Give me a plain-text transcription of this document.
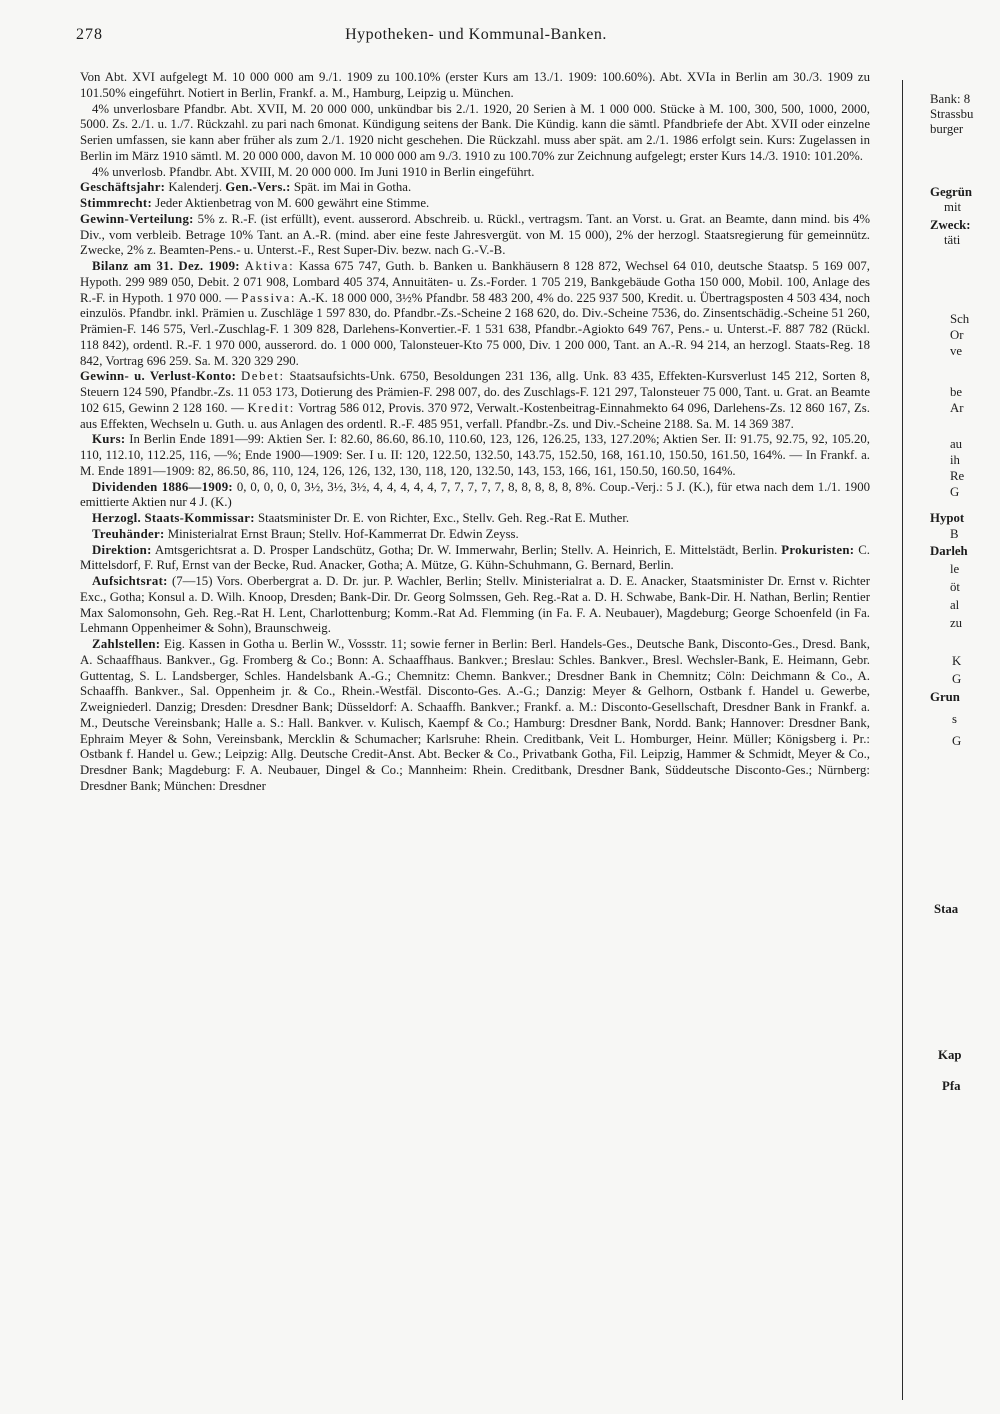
278	Hypotheken- und Kommunal-Banken.

Von Abt. XVI aufgelegt M. 10 000 000 am 9./1. 1909 zu 100.10% (erster Kurs am 13./1. 1909: 100.60%). Abt. XVIa in Berlin am 30./3. 1909 zu 101.50% eingeführt. Notiert in Berlin, Frankf. a. M., Hamburg, Leipzig u. München.

4% unverlosbare Pfandbr. Abt. XVII, M. 20 000 000, unkündbar bis 2./1. 1920, 20 Serien à M. 1 000 000. Stücke à M. 100, 300, 500, 1000, 2000, 5000. Zs. 2./1. u. 1./7. Rückzahl. zu pari nach 6monat. Kündigung seitens der Bank. Die Kündig. kann die sämtl. Pfandbriefe der Abt. XVII oder einzelne Serien umfassen, sie kann aber früher als zum 2./1. 1920 nicht geschehen. Die Rückzahl. muss aber spät. am 2./1. 1986 erfolgt sein. Kurs: Zugelassen in Berlin im März 1910 sämtl. M. 20 000 000, davon M. 10 000 000 am 9./3. 1910 zu 100.70% zur Zeichnung aufgelegt; erster Kurs 14./3. 1910: 101.20%.

4% unverlosb. Pfandbr. Abt. XVIII, M. 20 000 000. Im Juni 1910 in Berlin eingeführt.

Geschäftsjahr: Kalenderj. Gen.-Vers.: Spät. im Mai in Gotha.

Stimmrecht: Jeder Aktienbetrag von M. 600 gewährt eine Stimme.

Gewinn-Verteilung: 5% z. R.-F. (ist erfüllt), event. ausserord. Abschreib. u. Rückl., vertragsm. Tant. an Vorst. u. Grat. an Beamte, dann mind. bis 4% Div., vom verbleib. Betrage 10% Tant. an A.-R. (mind. aber eine feste Jahresvergüt. von M. 15 000), 2% der herzogl. Staatsregierung für gemeinnütz. Zwecke, 2% z. Beamten-Pens.- u. Unterst.-F., Rest Super-Div. bezw. nach G.-V.-B.

Bilanz am 31. Dez. 1909: Aktiva: Kassa 675 747, Guth. b. Banken u. Bankhäusern 8 128 872, Wechsel 64 010, deutsche Staatsp. 5 169 007, Hypoth. 299 989 050, Debit. 2 071 908, Lombard 405 374, Annuitäten- u. Zs.-Forder. 1 705 219, Bankgebäude Gotha 150 000, Mobil. 100, Anlage des R.-F. in Hypoth. 1 970 000. — Passiva: A.-K. 18 000 000, 3½% Pfandbr. 58 483 200, 4% do. 225 937 500, Kredit. u. Übertragsposten 4 503 434, noch einzulös. Pfandbr. inkl. Prämien u. Zuschläge 1 597 830, do. Pfandbr.-Zs.-Scheine 2 168 620, do. Div.-Scheine 7536, do. Zinsentschädig.-Scheine 51 260, Prämien-F. 146 575, Verl.-Zuschlag-F. 1 309 828, Darlehens-Konvertier.-F. 1 531 638, Pfandbr.-Agiokto 649 767, Pens.- u. Unterst.-F. 887 782 (Rückl. 118 842), ordentl. R.-F. 1 970 000, ausserord. do. 1 000 000, Talonsteuer-Kto 75 000, Div. 1 200 000, Tant. an A.-R. 94 214, an herzogl. Staats-Reg. 18 842, Vortrag 696 259. Sa. M. 320 329 290.

Gewinn- u. Verlust-Konto: Debet: Staatsaufsichts-Unk. 6750, Besoldungen 231 136, allg. Unk. 83 435, Effekten-Kursverlust 145 212, Sorten 8, Steuern 124 590, Pfandbr.-Zs. 11 053 173, Dotierung des Prämien-F. 298 007, do. des Zuschlags-F. 121 297, Talonsteuer 75 000, Tant. u. Grat. an Beamte 102 615, Gewinn 2 128 160. — Kredit: Vortrag 586 012, Provis. 370 972, Verwalt.-Kostenbeitrag-Einnahmekto 64 096, Darlehens-Zs. 12 860 167, Zs. aus Effekten, Wechseln u. Guth. u. aus Anlagen des ordentl. R.-F. 485 951, verfall. Pfandbr.-Zs. und Div.-Scheine 2188. Sa. M. 14 369 387.

Kurs: In Berlin Ende 1891—99: Aktien Ser. I: 82.60, 86.60, 86.10, 110.60, 123, 126, 126.25, 133, 127.20%; Aktien Ser. II: 91.75, 92.75, 92, 105.20, 110, 112.10, 112.25, 116, —%; Ende 1900—1909: Ser. I u. II: 120, 122.50, 132.50, 143.75, 152.50, 168, 161.10, 150.50, 161.50, 164%. — In Frankf. a. M. Ende 1891—1909: 82, 86.50, 86, 110, 124, 126, 126, 132, 130, 118, 120, 132.50, 143, 153, 166, 161, 150.50, 160.50, 164%.

Dividenden 1886—1909: 0, 0, 0, 0, 0, 3½, 3½, 3½, 4, 4, 4, 4, 4, 7, 7, 7, 7, 7, 8, 8, 8, 8, 8, 8%. Coup.-Verj.: 5 J. (K.), für etwa nach dem 1./1. 1900 emittierte Aktien nur 4 J. (K.)

Herzogl. Staats-Kommissar: Staatsminister Dr. E. von Richter, Exc., Stellv. Geh. Reg.-Rat E. Muther.

Treuhänder: Ministerialrat Ernst Braun; Stellv. Hof-Kammerrat Dr. Edwin Zeyss.

Direktion: Amtsgerichtsrat a. D. Prosper Landschütz, Gotha; Dr. W. Immerwahr, Berlin; Stellv. A. Heinrich, E. Mittelstädt, Berlin. Prokuristen: C. Mittelsdorf, F. Ruf, Ernst van der Becke, Rud. Anacker, Gotha; A. Mütze, G. Kühn-Schuhmann, G. Bernard, Berlin.

Aufsichtsrat: (7—15) Vors. Oberbergrat a. D. Dr. jur. P. Wachler, Berlin; Stellv. Ministerialrat a. D. E. Anacker, Staatsminister Dr. Ernst v. Richter Exc., Gotha; Konsul a. D. Wilh. Knoop, Dresden; Bank-Dir. Dr. Georg Solmssen, Geh. Reg.-Rat a. D. H. Schwabe, Bank-Dir. H. Nathan, Berlin; Rentier Max Salomonsohn, Geh. Reg.-Rat H. Lent, Charlottenburg; Komm.-Rat Ad. Flemming (in Fa. F. A. Neubauer), Magdeburg; George Schoenfeld (in Fa. Lehmann Oppenheimer & Sohn), Braunschweig.

Zahlstellen: Eig. Kassen in Gotha u. Berlin W., Vossstr. 11; sowie ferner in Berlin: Berl. Handels-Ges., Deutsche Bank, Disconto-Ges., Dresd. Bank, A. Schaaffhaus. Bankver., Gg. Fromberg & Co.; Bonn: A. Schaaffhaus. Bankver.; Breslau: Schles. Bankver., Bresl. Wechsler-Bank, E. Heimann, Gebr. Guttentag, S. L. Landsberger, Schles. Handelsbank A.-G.; Chemnitz: Chemn. Bankver.; Dresdner Bank in Chemnitz; Cöln: Deichmann & Co., A. Schaaffh. Bankver., Sal. Oppenheim jr. & Co., Rhein.-Westfäl. Disconto-Ges. A.-G.; Danzig: Meyer & Gelhorn, Ostbank f. Handel u. Gewerbe, Zweigniederl. Danzig; Dresden: Dresdner Bank; Düsseldorf: A. Schaaffh. Bankver.; Frankf. a. M.: Disconto-Gesellschaft, Dresdner Bank in Frankf. a. M., Deutsche Vereinsbank; Halle a. S.: Hall. Bankver. v. Kulisch, Kaempf & Co.; Hamburg: Dresdner Bank, Nordd. Bank; Hannover: Dresdner Bank, Ephraim Meyer & Sohn, Vereinsbank, Mercklin & Schumacher; Karlsruhe: Rhein. Creditbank, Veit L. Homburger, Heinr. Müller; Königsberg i. Pr.: Ostbank f. Handel u. Gew.; Leipzig: Allg. Deutsche Credit-Anst. Abt. Becker & Co., Privatbank Gotha, Fil. Leipzig, Hammer & Schmidt, Meyer & Co., Dresdner Bank; Magdeburg: F. A. Neubauer, Dingel & Co.; Mannheim: Rhein. Creditbank, Dresdner Bank, Süddeutsche Disconto-Ges.; Nürnberg: Dresdner Bank; München: Dresdner

Bank: 8
Strassbu
burger
Gegrün
mit
Zweck:
täti
Sch
Or
ve
be
Ar
au
ih
Re
G
Hypot
B
Darleh
le
öt
al
zu
K
G
Grun
s
G
Staa
Kap
Pfa
